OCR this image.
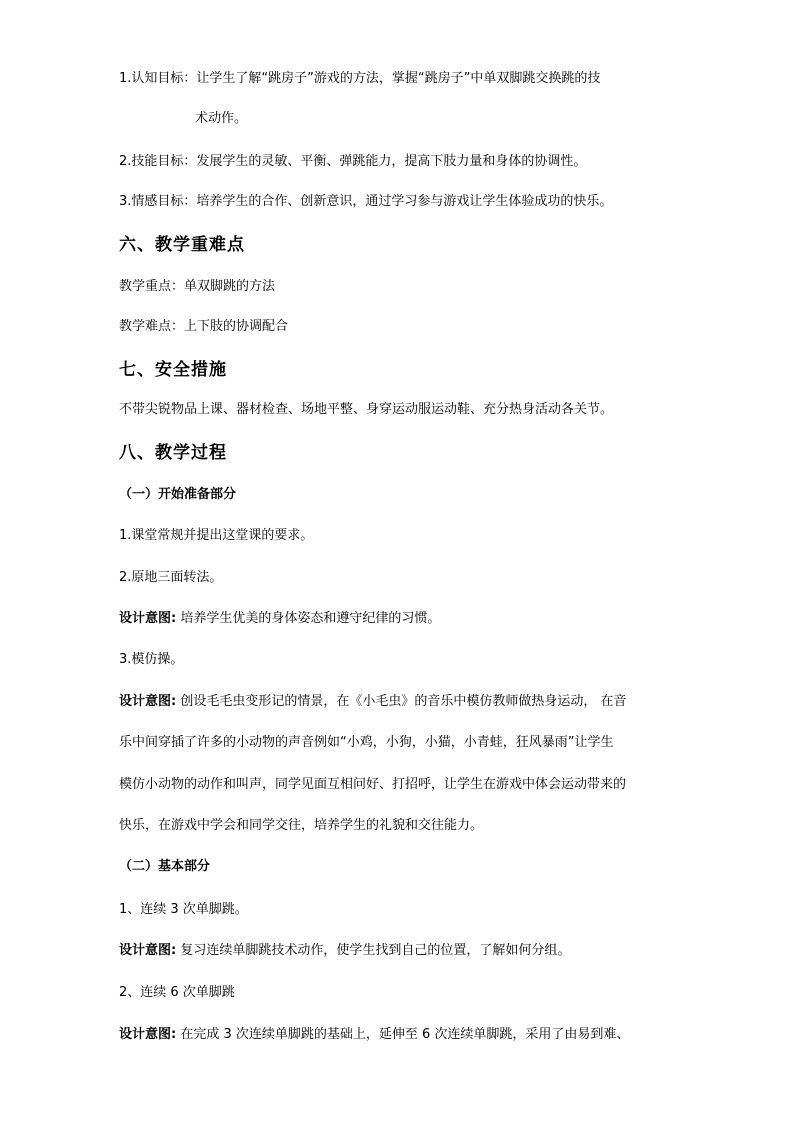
1.认知目标：让学生了解“跳房子”游戏的方法，掌握“跳房子”中单双脚跳交换跳的技
术动作。
2.技能目标：发展学生的灵敏、平衡、弹跳能力，提高下肢力量和身体的协调性。
3.情感目标：培养学生的合作、创新意识，通过学习参与游戏让学生体验成功的快乐。
六、教学重难点
教学重点：单双脚跳的方法
教学难点：上下肢的协调配合
七、安全措施
不带尖锐物品上课、器材检查、场地平整、身穿运动服运动鞋、充分热身活动各关节。
八、教学过程
（一）开始准备部分
1.课堂常规并提出这堂课的要求。
2.原地三面转法。
设计意图: 培养学生优美的身体姿态和遵守纪律的习惯。
3.模仿操。
设计意图: 创设毛毛虫变形记的情景，在《小毛虫》的音乐中模仿教师做热身运动， 在音
乐中间穿插了许多的小动物的声音例如“小鸡，小狗，小猫，小青蛙，狂风暴雨”让学生
模仿小动物的动作和叫声，同学见面互相问好、打招呼，让学生在游戏中体会运动带来的
快乐，在游戏中学会和同学交往，培养学生的礼貌和交往能力。
（二）基本部分
1、连续 3 次单脚跳。
设计意图: 复习连续单脚跳技术动作，使学生找到自己的位置，了解如何分组。
2、连续 6 次单脚跳
设计意图: 在完成 3 次连续单脚跳的基础上，延伸至 6 次连续单脚跳，采用了由易到难、
